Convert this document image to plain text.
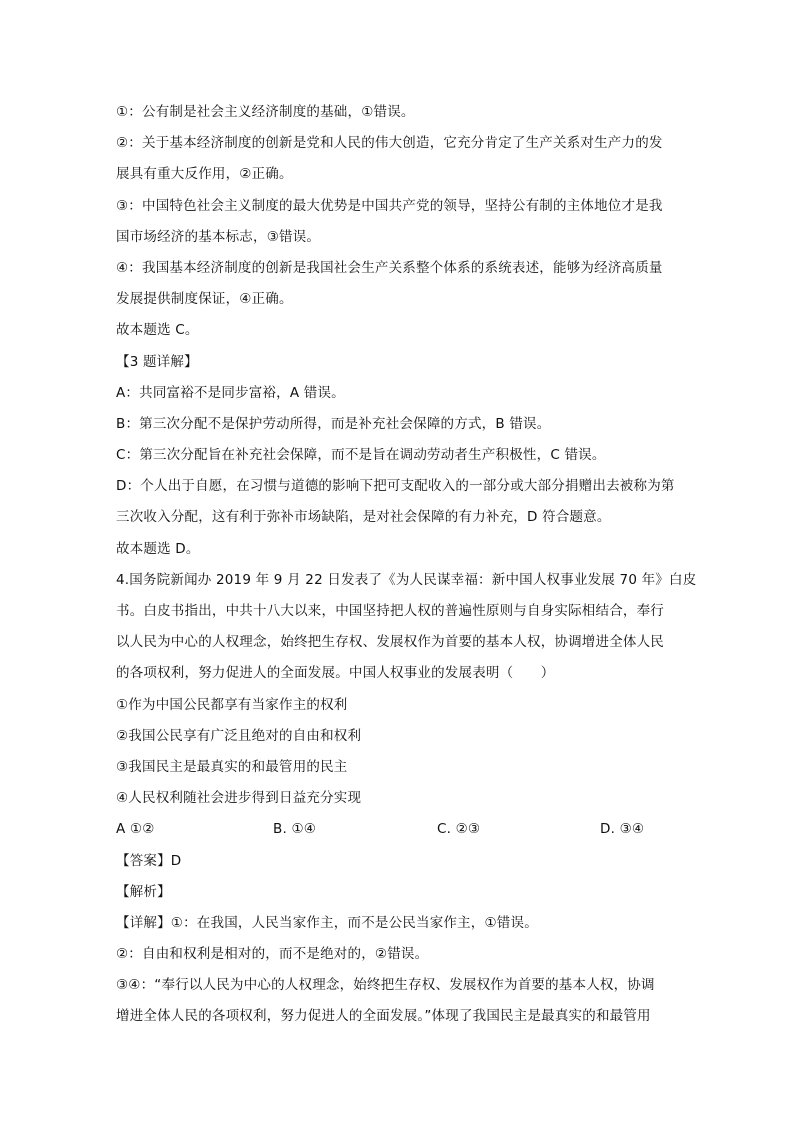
①：公有制是社会主义经济制度的基础，①错误。
②：关于基本经济制度的创新是党和人民的伟大创造，它充分肯定了生产关系对生产力的发
展具有重大反作用，②正确。
③：中国特色社会主义制度的最大优势是中国共产党的领导，坚持公有制的主体地位才是我
国市场经济的基本标志，③错误。
④：我国基本经济制度的创新是我国社会生产关系整个体系的系统表述，能够为经济高质量
发展提供制度保证，④正确。
故本题选 C。
【3 题详解】
A：共同富裕不是同步富裕，A 错误。
B：第三次分配不是保护劳动所得，而是补充社会保障的方式，B 错误。
C：第三次分配旨在补充社会保障，而不是旨在调动劳动者生产积极性，C 错误。
D：个人出于自愿，在习惯与道德的影响下把可支配收入的一部分或大部分捐赠出去被称为第
三次收入分配，这有利于弥补市场缺陷，是对社会保障的有力补充，D 符合题意。
故本题选 D。
4.国务院新闻办 2019 年 9 月 22 日发表了《为人民谋幸福：新中国人权事业发展 70 年》白皮
书。白皮书指出，中共十八大以来，中国坚持把人权的普遍性原则与自身实际相结合，奉行
以人民为中心的人权理念，始终把生存权、发展权作为首要的基本人权，协调增进全体人民
的各项权利，努力促进人的全面发展。中国人权事业的发展表明（　　）
①作为中国公民都享有当家作主的权利
②我国公民享有广泛且绝对的自由和权利
③我国民主是最真实的和最管用的民主
④人民权利随社会进步得到日益充分实现
A ①②	B. ①④	C. ②③	D. ③④
【答案】D
【解析】
【详解】①：在我国，人民当家作主，而不是公民当家作主，①错误。
②：自由和权利是相对的，而不是绝对的，②错误。
③④：“奉行以人民为中心的人权理念，始终把生存权、发展权作为首要的基本人权，协调
增进全体人民的各项权利，努力促进人的全面发展。”体现了我国民主是最真实的和最管用
